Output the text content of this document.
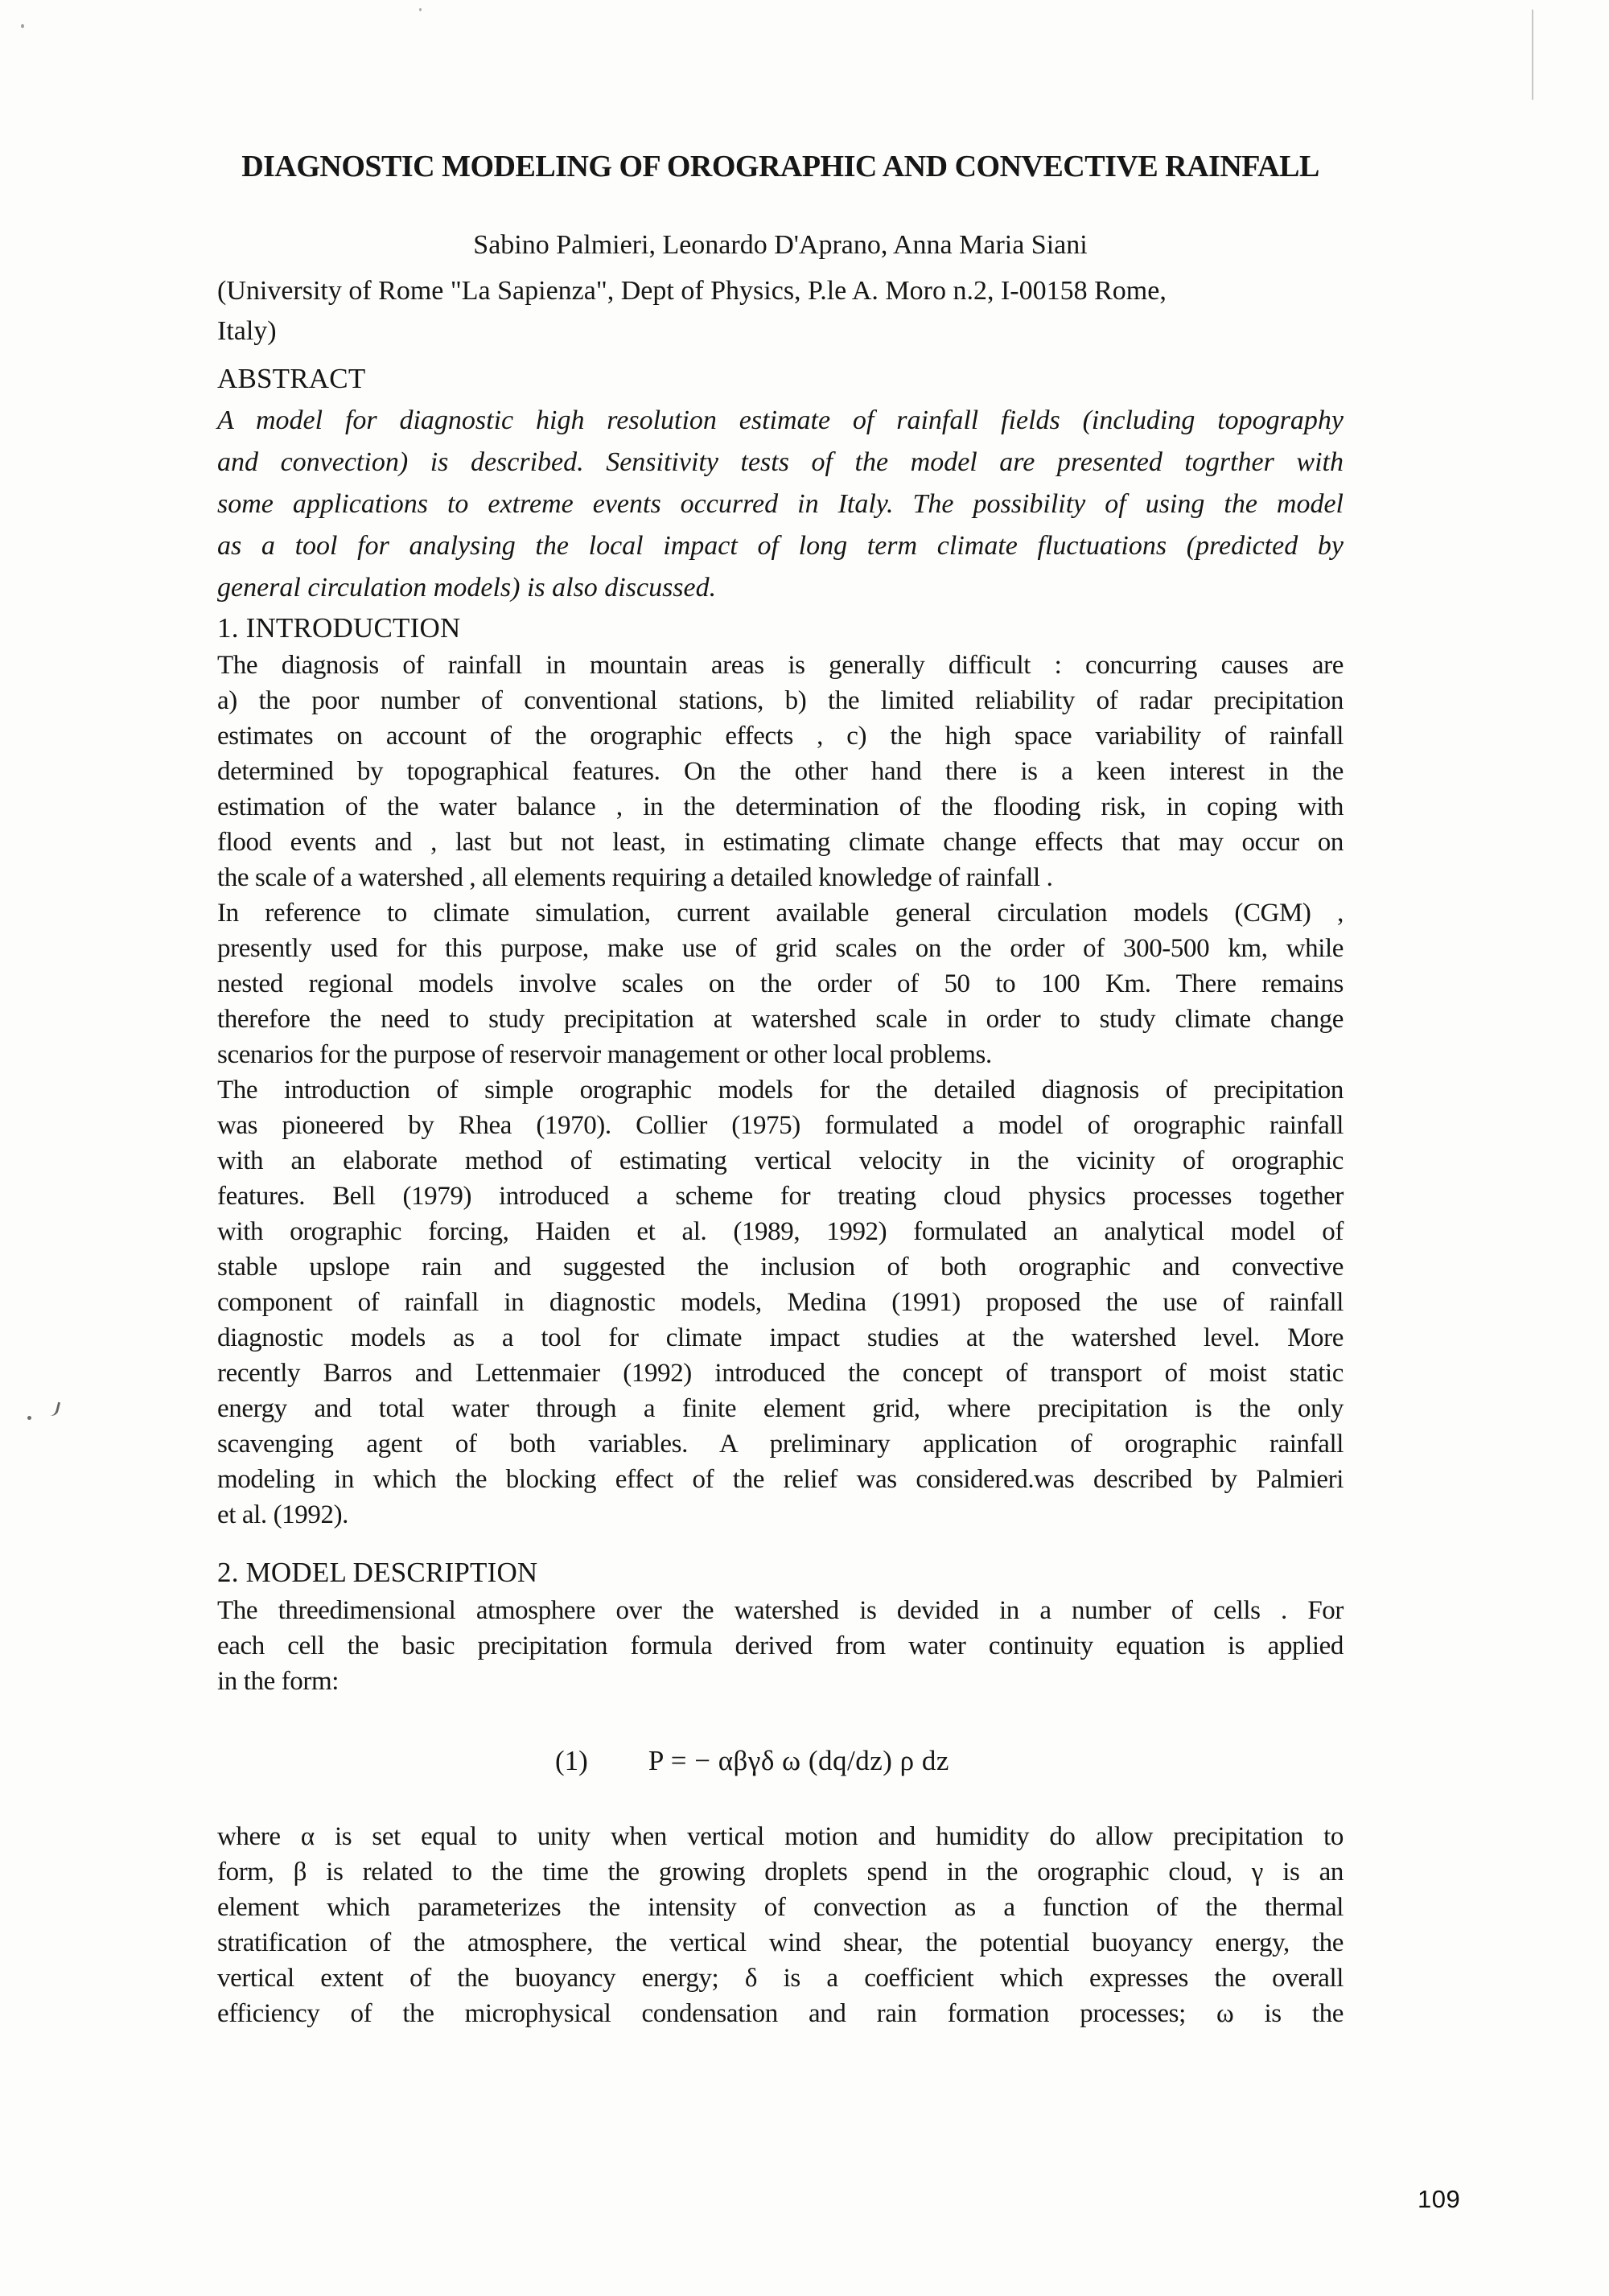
DIAGNOSTIC MODELING OF OROGRAPHIC AND CONVECTIVE RAINFALL
Sabino Palmieri, Leonardo D'Aprano, Anna Maria Siani
(University of Rome "La Sapienza", Dept of Physics, P.le A. Moro n.2, I-00158 Rome,
Italy)
ABSTRACT
A model for diagnostic high resolution estimate of rainfall fields (including topography
and convection) is described. Sensitivity tests of the model are presented togrther with
some applications to extreme events occurred in Italy. The possibility of using the model
as a tool for analysing the local impact of long term climate fluctuations (predicted by
general circulation models) is also discussed.
1. INTRODUCTION
The diagnosis of rainfall in mountain areas is generally difficult : concurring causes are
a) the poor number of conventional stations, b) the limited reliability of radar precipitation
estimates on account of the orographic effects , c) the high space variability of rainfall
determined by topographical features. On the other hand there is a keen interest in the
estimation of the water balance , in the determination of the flooding risk, in coping with
flood events and , last but not least, in estimating climate change effects that may occur on
the scale of a watershed , all elements requiring a detailed knowledge of rainfall .
In reference to climate simulation, current available general circulation models (CGM) ,
presently used for this purpose, make use of grid scales on the order of 300-500 km, while
nested regional models involve scales on the order of 50 to 100 Km. There remains
therefore the need to study precipitation at watershed scale in order to study climate change
scenarios for the purpose of reservoir management or other local problems.
The introduction of simple orographic models for the detailed diagnosis of precipitation
was pioneered by Rhea (1970). Collier (1975) formulated a model of orographic rainfall
with an elaborate method of estimating vertical velocity in the vicinity of orographic
features. Bell (1979) introduced a scheme for treating cloud physics processes together
with orographic forcing, Haiden et al. (1989, 1992) formulated an analytical model of
stable upslope rain and suggested the inclusion of both orographic and convective
component of rainfall in diagnostic models, Medina (1991) proposed the use of rainfall
diagnostic models as a tool for climate impact studies at the watershed level. More
recently Barros and Lettenmaier (1992) introduced the concept of transport of moist static
energy and total water through a finite element grid, where precipitation is the only
scavenging agent of both variables. A preliminary application of orographic rainfall
modeling in which the blocking effect of the relief was considered.was described by Palmieri
et al. (1992).
2. MODEL DESCRIPTION
The threedimensional atmosphere over the watershed is devided in a number of cells . For
each cell the basic precipitation formula derived from water continuity equation is applied
in the form:
(1) P = − αβγδ ω (dq/dz) ρ dz
where α is set equal to unity when vertical motion and humidity do allow precipitation to
form, β is related to the time the growing droplets spend in the orographic cloud, γ is an
element which parameterizes the intensity of convection as a function of the thermal
stratification of the atmosphere, the vertical wind shear, the potential buoyancy energy, the
vertical extent of the buoyancy energy; δ is a coefficient which expresses the overall
efficiency of the microphysical condensation and rain formation processes; ω is the
109
